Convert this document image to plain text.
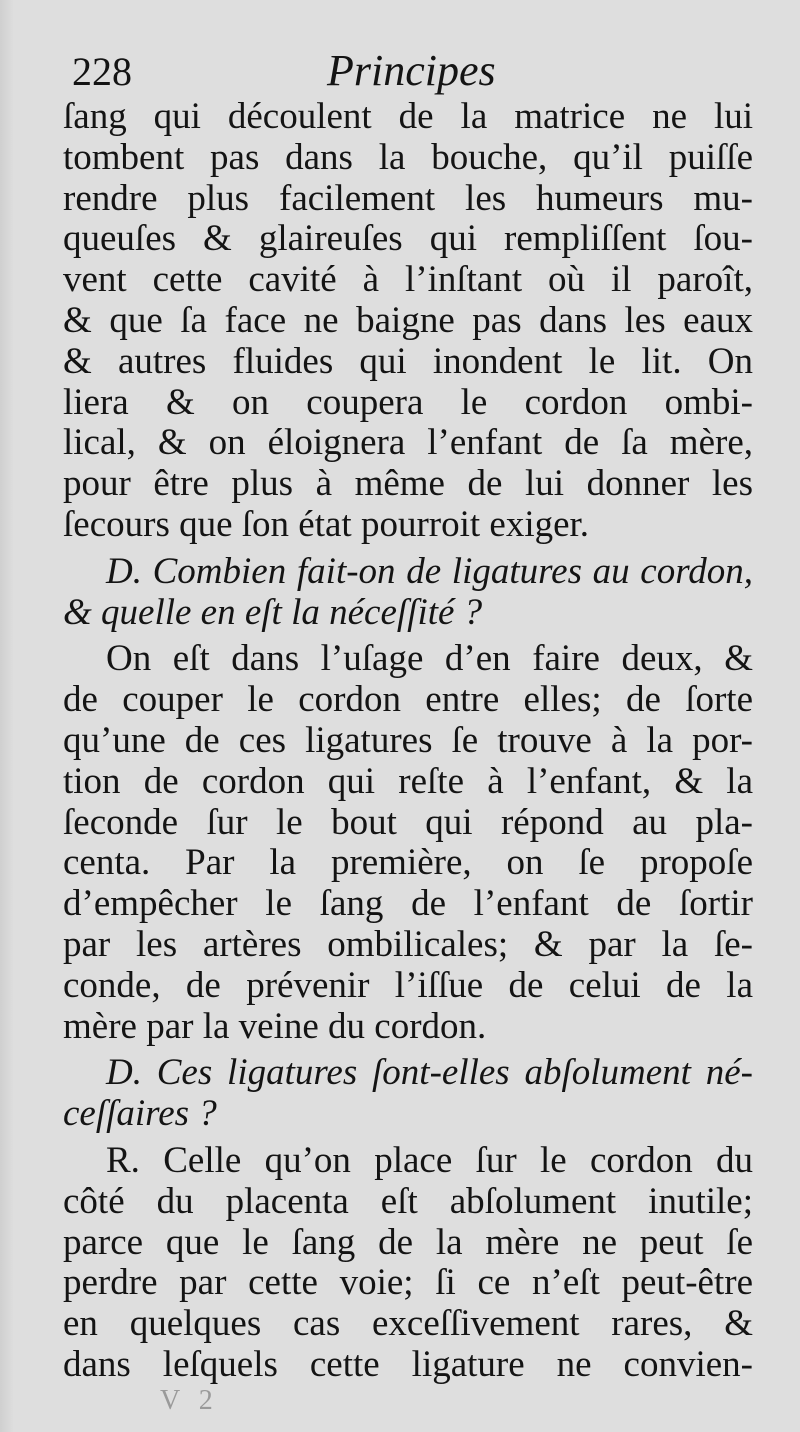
228	Principes
ſang qui découlent de la matrice ne lui
tombent pas dans la bouche, qu’il puiſſe
rendre plus facilement les humeurs mu-
queuſes & glaireuſes qui rempliſſent ſou-
vent cette cavité à l’inſtant où il paroît,
& que ſa face ne baigne pas dans les eaux
& autres fluides qui inondent le lit. On
liera & on coupera le cordon ombi-
lical, & on éloignera l’enfant de ſa mère,
pour être plus à même de lui donner les
ſecours que ſon état pourroit exiger.
D. Combien fait-on de ligatures au cordon,
& quelle en eſt la néceſſité ?
On eſt dans l’uſage d’en faire deux, &
de couper le cordon entre elles; de ſorte
qu’une de ces ligatures ſe trouve à la por-
tion de cordon qui reſte à l’enfant, & la
ſeconde ſur le bout qui répond au pla-
centa. Par la première, on ſe propoſe
d’empêcher le ſang de l’enfant de ſortir
par les artères ombilicales; & par la ſe-
conde, de prévenir l’iſſue de celui de la
mère par la veine du cordon.
D. Ces ligatures ſont-elles abſolument né-
ceſſaires ?
R. Celle qu’on place ſur le cordon du
côté du placenta eſt abſolument inutile;
parce que le ſang de la mère ne peut ſe
perdre par cette voie; ſi ce n’eſt peut-être
en quelques cas exceſſivement rares, &
dans leſquels cette ligature ne convien-
V 2
